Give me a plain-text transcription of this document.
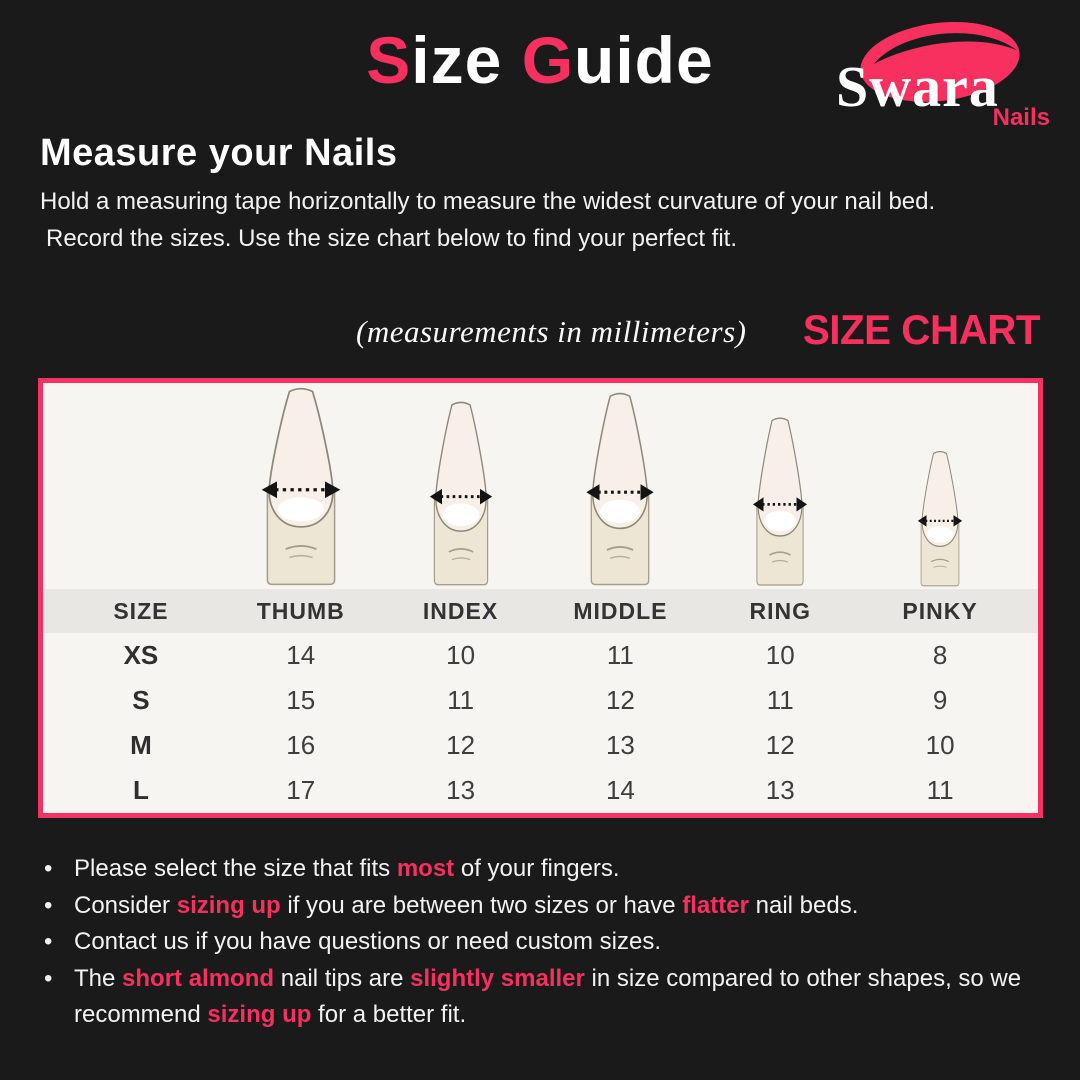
Size Guide	Swara
Nails
Measure your Nails

Hold a measuring tape horizontally to measure the widest curvature of your nail bed.
Record the sizes. Use the size chart below to find your perfect fit.

(measurements in millimeters) SIZE CHART
SIZE	THUMB	INDEX	MIDDLE	RING	PINKY
XS	14	10	11	10	8
S	15	11	12	11	9
M	16	12	13	12	10
L	17	13	14	13	11
• Please select the size that fits most of your fingers.
• Consider sizing up if you are between two sizes or have flatter nail beds.
• Contact us if you have questions or need custom sizes.
• The short almond nail tips are slightly smaller in size compared to other shapes, so we recommend sizing up for a better fit.
